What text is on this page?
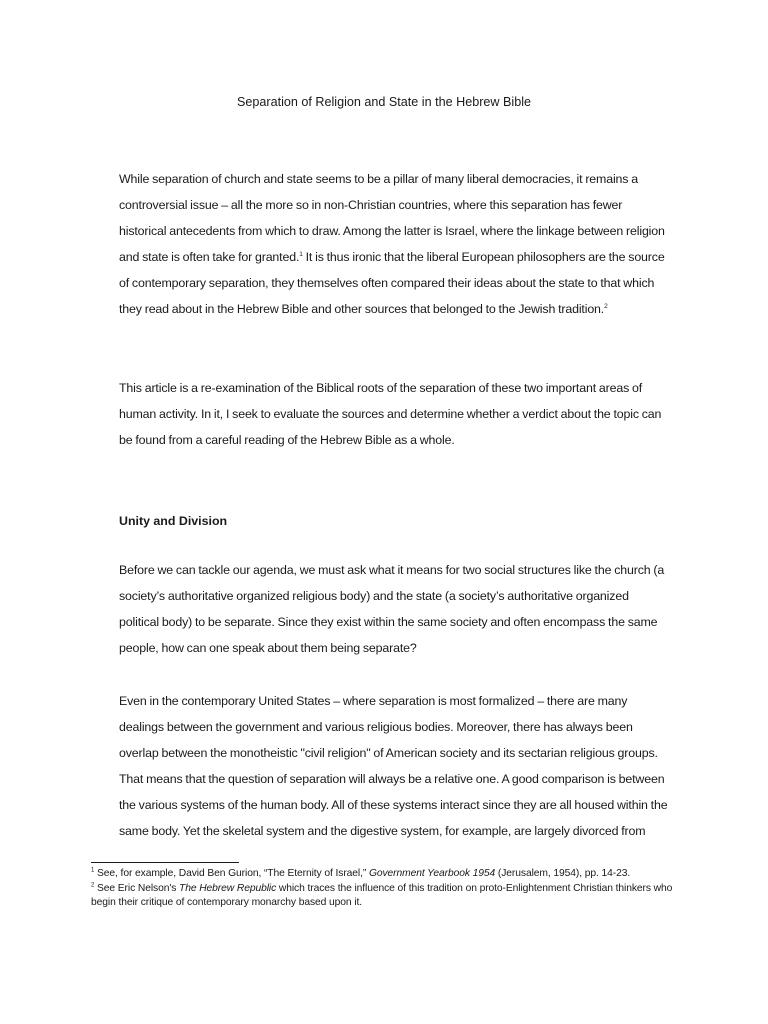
Separation of Religion and State in the Hebrew Bible

While separation of church and state seems to be a pillar of many liberal democracies, it remains a controversial issue – all the more so in non-Christian countries, where this separation has fewer historical antecedents from which to draw. Among the latter is Israel, where the linkage between religion and state is often take for granted.$^1$ It is thus ironic that the liberal European philosophers are the source of contemporary separation, they themselves often compared their ideas about the state to that which they read about in the Hebrew Bible and other sources that belonged to the Jewish tradition.$^2$

This article is a re-examination of the Biblical roots of the separation of these two important areas of human activity. In it, I seek to evaluate the sources and determine whether a verdict about the topic can be found from a careful reading of the Hebrew Bible as a whole.

Unity and Division

Before we can tackle our agenda, we must ask what it means for two social structures like the church (a society’s authoritative organized religious body) and the state (a society’s authoritative organized political body) to be separate. Since they exist within the same society and often encompass the same people, how can one speak about them being separate?

Even in the contemporary United States – where separation is most formalized – there are many dealings between the government and various religious bodies. Moreover, there has always been overlap between the monotheistic "civil religion" of American society and its sectarian religious groups. That means that the question of separation will always be a relative one. A good comparison is between the various systems of the human body. All of these systems interact since they are all housed within the same body. Yet the skeletal system and the digestive system, for example, are largely divorced from

$^1$ See, for example, David Ben Gurion, “The Eternity of Israel,” Government Yearbook 1954 (Jerusalem, 1954), pp. 14-23.

$^2$ See Eric Nelson's The Hebrew Republic which traces the influence of this tradition on proto-Enlightenment Christian thinkers who begin their critique of contemporary monarchy based upon it.
